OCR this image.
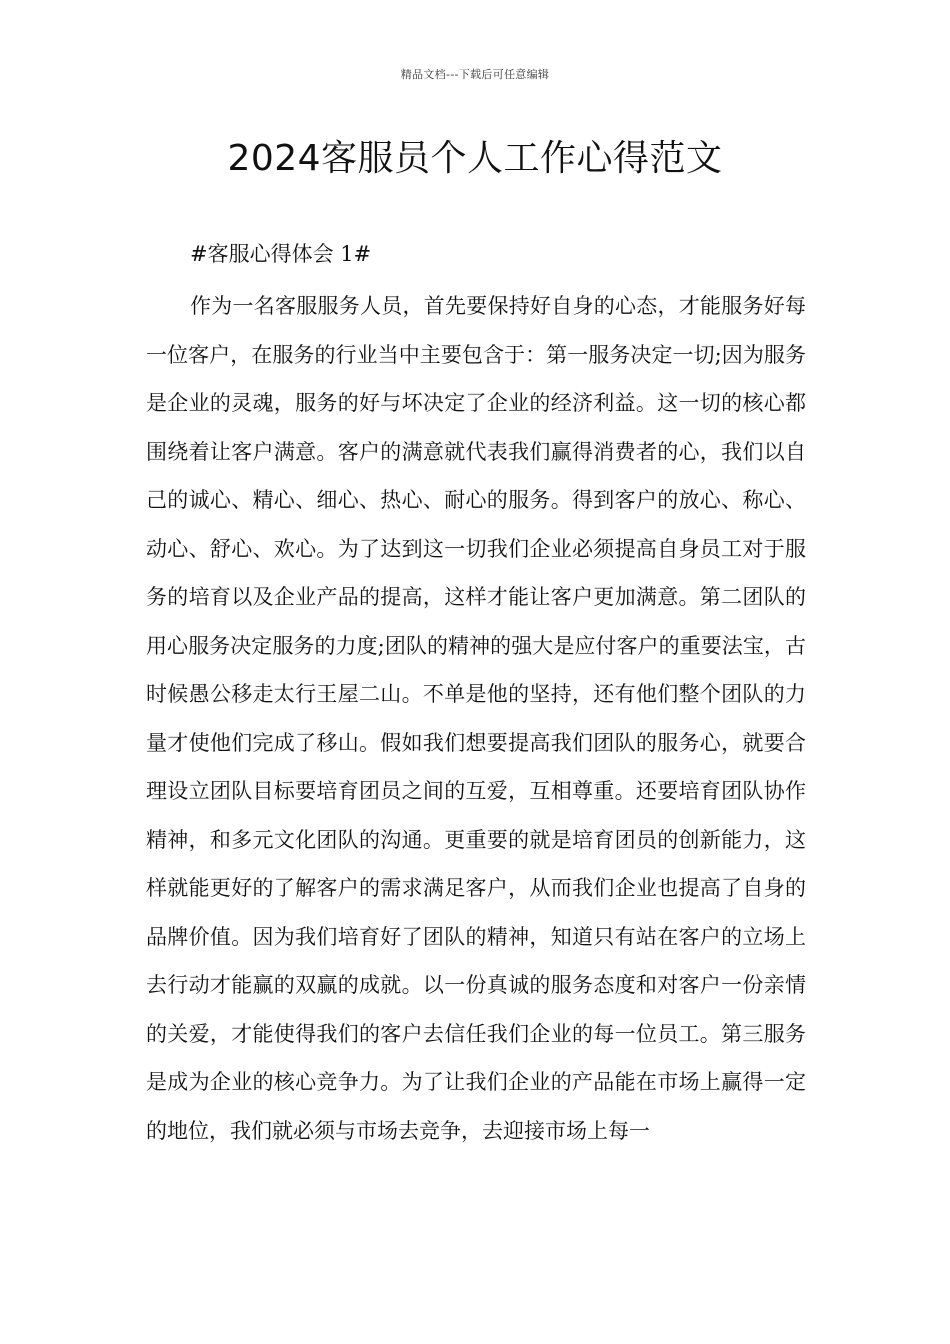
精品文档---下载后可任意编辑
2024客服员个人工作心得范文
#客服心得体会 1#

作为一名客服服务人员，首先要保持好自身的心态，才能服务好每一位客户，在服务的行业当中主要包含于：第一服务决定一切;因为服务是企业的灵魂，服务的好与坏决定了企业的经济利益。这一切的核心都围绕着让客户满意。客户的满意就代表我们赢得消费者的心，我们以自己的诚心、精心、细心、热心、耐心的服务。得到客户的放心、称心、动心、舒心、欢心。为了达到这一切我们企业必须提高自身员工对于服务的培育以及企业产品的提高，这样才能让客户更加满意。第二团队的用心服务决定服务的力度;团队的精神的强大是应付客户的重要法宝，古时候愚公移走太行王屋二山。不单是他的坚持，还有他们整个团队的力量才使他们完成了移山。假如我们想要提高我们团队的服务心，就要合理设立团队目标要培育团员之间的互爱，互相尊重。还要培育团队协作精神，和多元文化团队的沟通。更重要的就是培育团员的创新能力，这样就能更好的了解客户的需求满足客户，从而我们企业也提高了自身的品牌价值。因为我们培育好了团队的精神，知道只有站在客户的立场上去行动才能赢的双赢的成就。以一份真诚的服务态度和对客户一份亲情的关爱，才能使得我们的客户去信任我们企业的每一位员工。第三服务是成为企业的核心竞争力。为了让我们企业的产品能在市场上赢得一定的地位，我们就必须与市场去竞争，去迎接市场上每一
